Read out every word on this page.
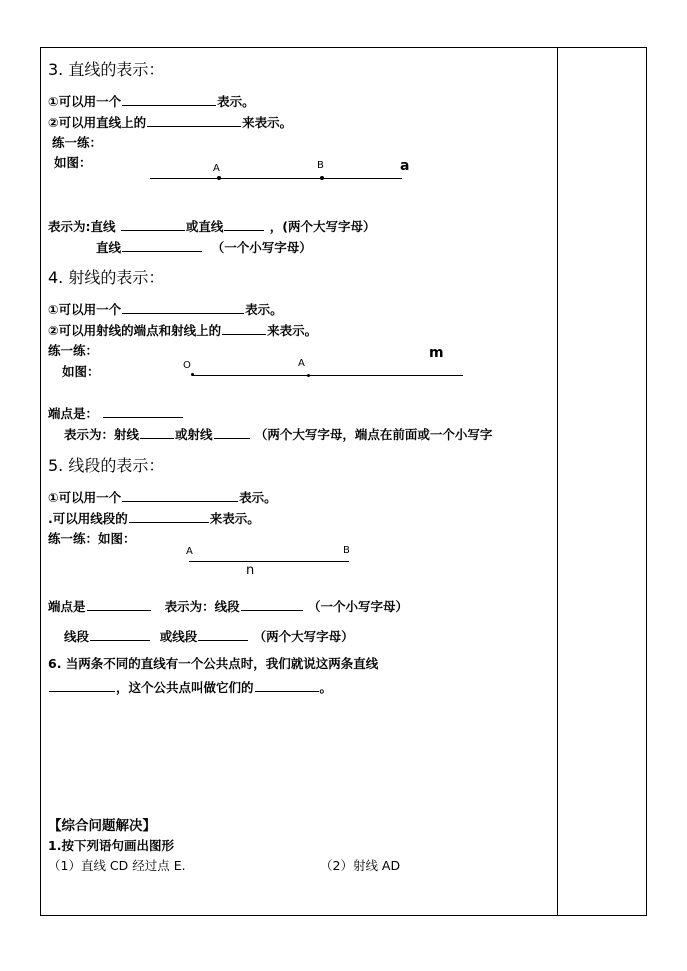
3. 直线的表示：
①可以用一个	表示。
②可以用直线上的	来表示。
练一练：
如图：	A	B	a
表示为:直线	或直线	，(两个大写字母）
直线	（一个小写字母）
4. 射线的表示：
①可以用一个	表示。
②可以用射线的端点和射线上的	来表示。
练一练：
如图：	O	A
m
端点是：
表示为：射线	或射线	（两个大写字母，端点在前面或一个小写字
5. 线段的表示：
①可以用一个	表示。
.可以用线段的	来表示。
练一练：如图：
A	B
n
端点是	表示为：线段	（一个小写字母）
线段	或线段	（两个大写字母）
6. 当两条不同的直线有一个公共点时，我们就说这两条直线
，这个公共点叫做它们的	。
【综合问题解决】
1.按下列语句画出图形
（1）直线 CD 经过点 E.	（2）射线 AD
